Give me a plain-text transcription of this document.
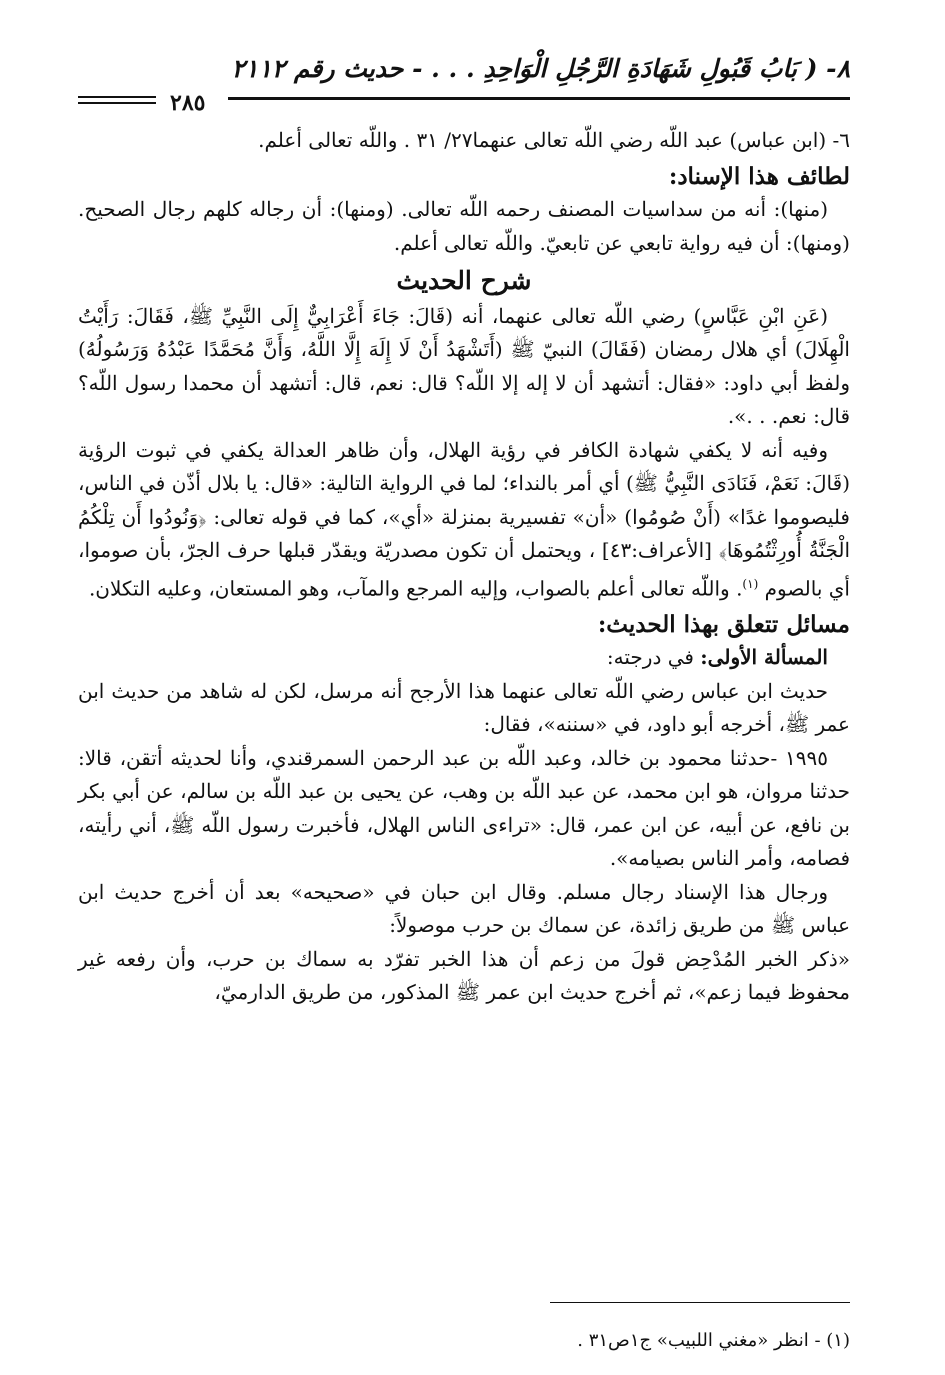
٨- ( بَابُ قَبُولِ شَهَادَةِ الرَّجُلِ الْوَاحِدِ . . . - حديث رقم ٢١١٢
٢٨٥

٦- (ابن عباس) عبد اللّه رضي اللّه تعالى عنهما٢٧/ ٣١ . واللّه تعالى أعلم.

لطائف هذا الإسناد:

(منها): أنه من سداسيات المصنف رحمه اللّه تعالى. (ومنها): أن رجاله كلهم رجال الصحيح. (ومنها): أن فيه رواية تابعي عن تابعيّ. واللّه تعالى أعلم.

شرح الحديث

(عَنِ ابْنِ عَبَّاسٍ) رضي اللّه تعالى عنهما، أنه (قَالَ: جَاءَ أَعْرَابِيٌّ إِلَى النَّبِيِّ ﷺ، فَقَالَ: رَأَيْتُ الْهِلَالَ) أي هلال رمضان (فَقَالَ) النبيّ ﷺ (أَتَشْهَدُ أَنْ لَا إِلَهَ إِلَّا اللَّهُ، وَأَنَّ مُحَمَّدًا عَبْدُهُ وَرَسُولُهُ) ولفظ أبي داود: «فقال: أتشهد أن لا إله إلا اللّه؟ قال: نعم، قال: أتشهد أن محمدا رسول اللّه؟ قال: نعم. . .».

وفيه أنه لا يكفي شهادة الكافر في رؤية الهلال، وأن ظاهر العدالة يكفي في ثبوت الرؤية (قَالَ: نَعَمْ، فَنَادَى النَّبِيُّ ﷺ) أي أمر بالنداء؛ لما في الرواية التالية: «قال: يا بلال أذّن في الناس، فليصوموا غدًا» (أَنْ صُومُوا) «أن» تفسيرية بمنزلة «أي»، كما في قوله تعالى: ﴿وَنُودُوا أَن تِلْكُمُ الْجَنَّةُ أُورِثْتُمُوهَا﴾ [الأعراف:٤٣] ، ويحتمل أن تكون مصدريّة ويقدّر قبلها حرف الجرّ، بأن صوموا، أي بالصوم $^{(١)}$. واللّه تعالى أعلم بالصواب، وإليه المرجع والمآب، وهو المستعان، وعليه التكلان.

مسائل تتعلق بهذا الحديث:

المسألة الأولى: في درجته:

حديث ابن عباس رضي اللّه تعالى عنهما هذا الأرجح أنه مرسل، لكن له شاهد من حديث ابن عمر ﷺ، أخرجه أبو داود، في «سننه»، فقال:

١٩٩٥ -حدثنا محمود بن خالد، وعبد اللّه بن عبد الرحمن السمرقندي، وأنا لحديثه أتقن، قالا: حدثنا مروان، هو ابن محمد، عن عبد اللّه بن وهب، عن يحيى بن عبد اللّه بن سالم، عن أبي بكر بن نافع، عن أبيه، عن ابن عمر، قال: «تراءى الناس الهلال، فأخبرت رسول اللّه ﷺ، أني رأيته، فصامه، وأمر الناس بصيامه».

ورجال هذا الإسناد رجال مسلم. وقال ابن حبان في «صحيحه» بعد أن أخرج حديث ابن عباس ﷺ من طريق زائدة، عن سماك بن حرب موصولاً:

«ذكر الخبر المُدْحِض قولَ من زعم أن هذا الخبر تفرّد به سماك بن حرب، وأن رفعه غير محفوظ فيما زعم»، ثم أخرج حديث ابن عمر ﷺ المذكور، من طريق الدارميّ،

(١) - انظر «مغني اللبيب» ج١ص٣١ .
